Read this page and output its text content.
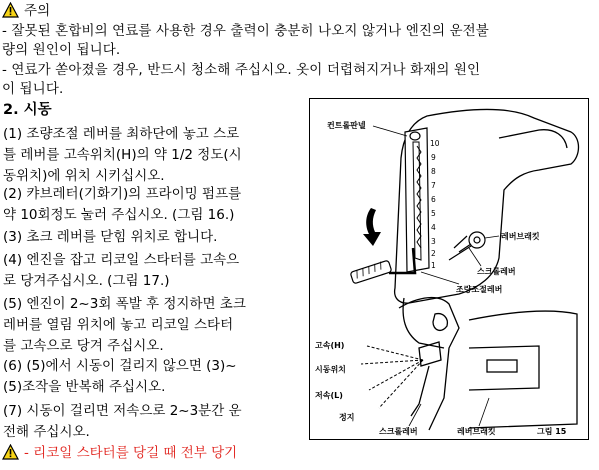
주의
- 잘못된 혼합비의 연료를 사용한 경우 출력이 충분히 나오지 않거나 엔진의 운전불
량의 원인이 됩니다.
- 연료가 쏟아졌을 경우, 반드시 청소해 주십시오. 옷이 더렵혀지거나 화재의 원인
이 됩니다.
2. 시동
(1) 조량조절 레버를 최하단에 놓고 스로
틀 레버를 고속위치(H)의 약 1/2 정도(시
동위치)에 위치 시키십시오.
(2) 캬브레터(기화기)의 프라이밍 펌프를
약 10회정도 눌러 주십시오. (그림 16.)
(3) 초크 레버를 닫힘 위치로 합니다.
(4) 엔진을 잡고 리코일 스타터를 고속으
로 당겨주십시오. (그림 17.)
(5) 엔진이 2~3회 폭발 후 정지하면 초크
레버를 열림 위치에 놓고 리코일 스타터
를 고속으로 당겨 주십시오.
(6) (5)에서 시동이 걸리지 않으면 (3)~
(5)조작을 반복해 주십시오.
(7) 시동이 걸리면 저속으로 2~3분간 운
전해 주십시오.
- 리코일 스타터를 당길 때 전부 당기
10
9
8
7
6
5
4
3
2
1
컨트롤판넬
레버브래킷
스크롤레버
조량조절레버
고속(H)
시동위치
저속(L)
정지
스크롤레버	레버브래킷	그림 15
